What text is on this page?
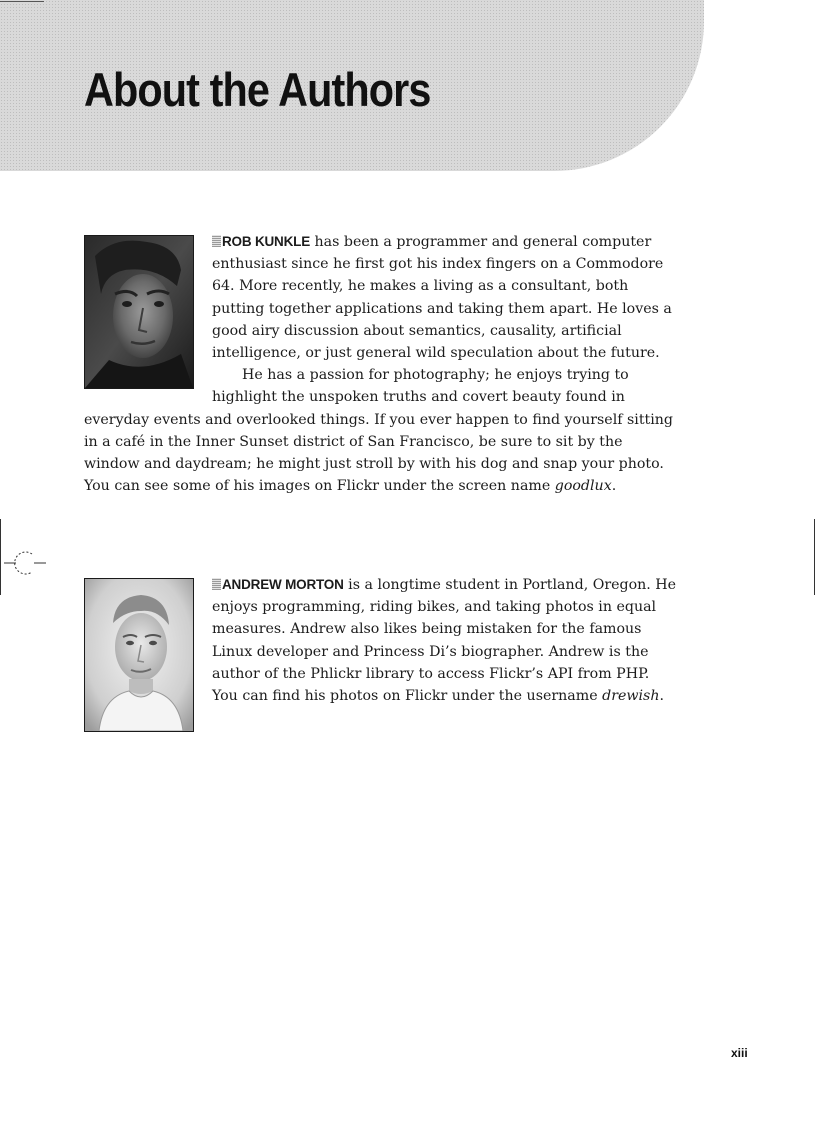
About the Authors

ROB KUNKLE has been a programmer and general computer enthusiast since he first got his index fingers on a Commodore 64. More recently, he makes a living as a consultant, both putting together applications and taking them apart. He loves a good airy discussion about semantics, causality, artificial intelligence, or just general wild speculation about the future.

He has a passion for photography; he enjoys trying to highlight the unspoken truths and covert beauty found in everyday events and overlooked things. If you ever happen to find yourself sitting in a café in the Inner Sunset district of San Francisco, be sure to sit by the window and daydream; he might just stroll by with his dog and snap your photo. You can see some of his images on Flickr under the screen name goodlux.

ANDREW MORTON is a longtime student in Portland, Oregon. He enjoys programming, riding bikes, and taking photos in equal measures. Andrew also likes being mistaken for the famous Linux developer and Princess Di’s biographer. Andrew is the author of the Phlickr library to access Flickr’s API from PHP. You can find his photos on Flickr under the username drewish.

xiii
